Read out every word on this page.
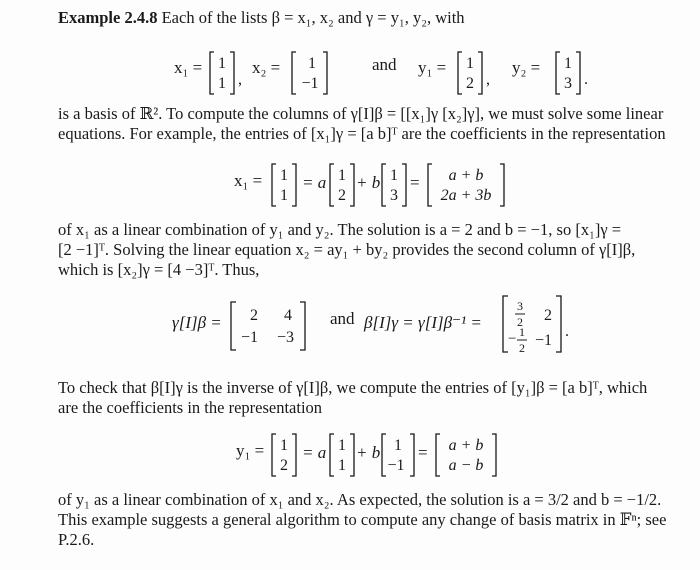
Example 2.4.8 Each of the lists β = x₁, x₂ and γ = y₁, y₂, with
x₁ = 1
1 ,
x₂ = 1
−1
and y₁ = 1
2 ,
y₂ = 1
3 .
is a basis of ℝ². To compute the columns of γ[I]β = [[x₁]γ [x₂]γ], we must solve some linear
equations. For example, the entries of [x₁]γ = [a b]ᵀ are the coefficients in the representation
x₁ = 1
1
= a 1
2
+ b 1
3
= a + b
2a + 3b
of x₁ as a linear combination of y₁ and y₂. The solution is a = 2 and b = −1, so [x₁]γ =
[2 −1]ᵀ. Solving the linear equation x₂ = ay₁ + by₂ provides the second column of γ[I]β,
which is [x₂]γ = [4 −3]ᵀ. Thus,
γ[I]β = 2 4
−1 −3
and β[I]γ = γ[I]β⁻¹ =
3
2 2
− 1
2 −1
.
To check that β[I]γ is the inverse of γ[I]β, we compute the entries of [y₁]β = [a b]ᵀ, which
are the coefficients in the representation
y₁ = 1
2
= a 1
1
+ b 1
−1
= a + b
a − b
of y₁ as a linear combination of x₁ and x₂. As expected, the solution is a = 3/2 and b = −1/2.
This example suggests a general algorithm to compute any change of basis matrix in 𝔽ⁿ; see
P.2.6.
